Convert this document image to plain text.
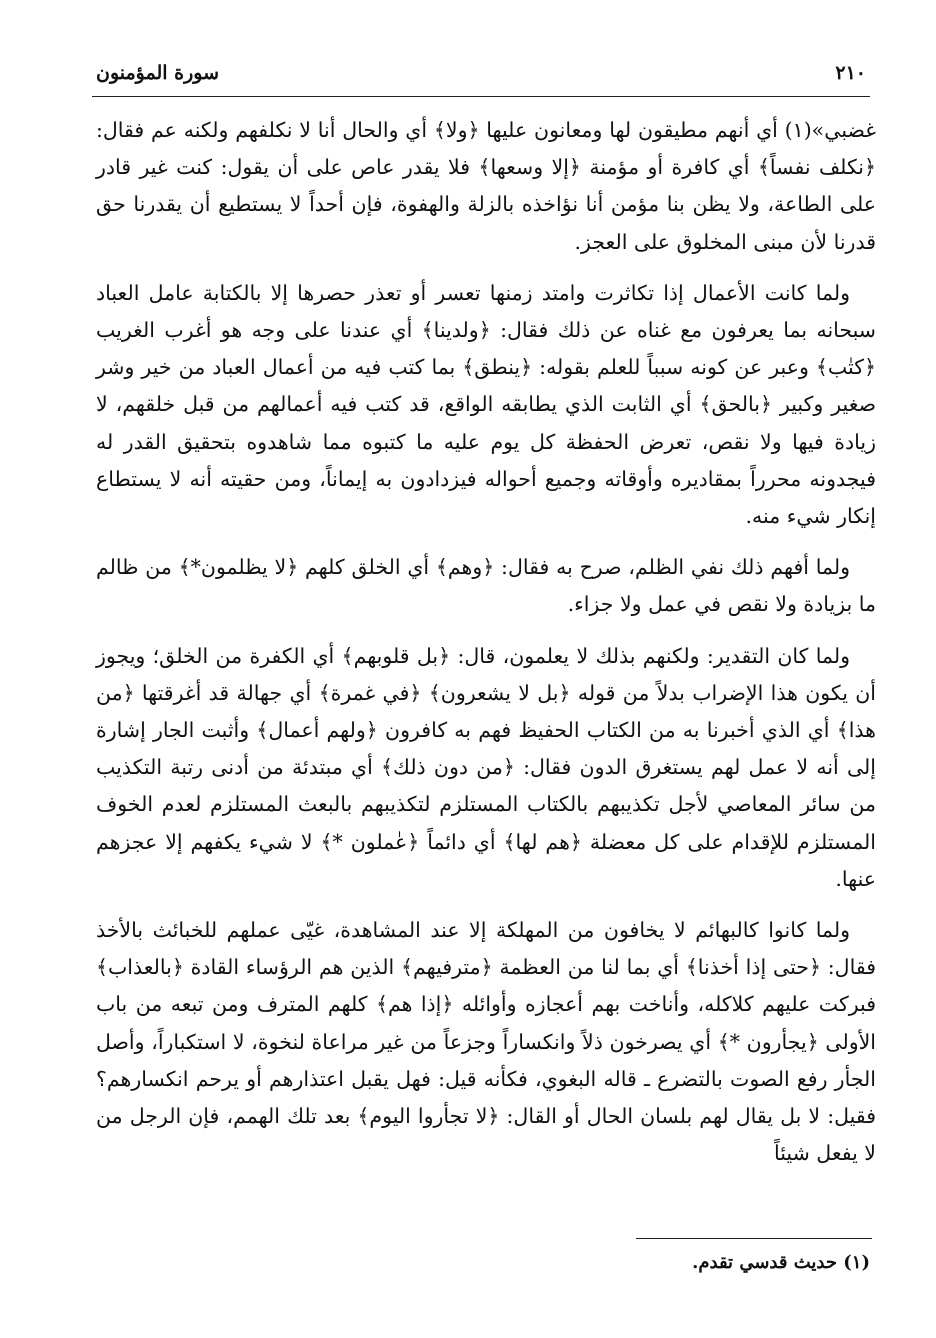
٢١٠
سورة المؤمنون

غضبي»(١) أي أنهم مطيقون لها ومعانون عليها ﴿ولا﴾ أي والحال أنا لا نكلفهم ولكنه عم فقال: ﴿نكلف نفساً﴾ أي كافرة أو مؤمنة ﴿إلا وسعها﴾ فلا يقدر عاص على أن يقول: كنت غير قادر على الطاعة، ولا يظن بنا مؤمن أنا نؤاخذه بالزلة والهفوة، فإن أحداً لا يستطيع أن يقدرنا حق قدرنا لأن مبنى المخلوق على العجز.

ولما كانت الأعمال إذا تكاثرت وامتد زمنها تعسر أو تعذر حصرها إلا بالكتابة عامل العباد سبحانه بما يعرفون مع غناه عن ذلك فقال: ﴿ولدينا﴾ أي عندنا على وجه هو أغرب الغريب ﴿كتٰب﴾ وعبر عن كونه سبباً للعلم بقوله: ﴿ينطق﴾ بما كتب فيه من أعمال العباد من خير وشر صغير وكبير ﴿بالحق﴾ أي الثابت الذي يطابقه الواقع، قد كتب فيه أعمالهم من قبل خلقهم، لا زيادة فيها ولا نقص، تعرض الحفظة كل يوم عليه ما كتبوه مما شاهدوه بتحقيق القدر له فيجدونه محرراً بمقاديره وأوقاته وجميع أحواله فيزدادون به إيماناً، ومن حقيته أنه لا يستطاع إنكار شيء منه.

ولما أفهم ذلك نفي الظلم، صرح به فقال: ﴿وهم﴾ أي الخلق كلهم ﴿لا يظلمون*﴾ من ظالم ما بزيادة ولا نقص في عمل ولا جزاء.

ولما كان التقدير: ولكنهم بذلك لا يعلمون، قال: ﴿بل قلوبهم﴾ أي الكفرة من الخلق؛ ويجوز أن يكون هذا الإضراب بدلاً من قوله ﴿بل لا يشعرون﴾ ﴿في غمرة﴾ أي جهالة قد أغرقتها ﴿من هذا﴾ أي الذي أخبرنا به من الكتاب الحفيظ فهم به كافرون ﴿ولهم أعمال﴾ وأثبت الجار إشارة إلى أنه لا عمل لهم يستغرق الدون فقال: ﴿من دون ذلك﴾ أي مبتدئة من أدنى رتبة التكذيب من سائر المعاصي لأجل تكذيبهم بالكتاب المستلزم لتكذيبهم بالبعث المستلزم لعدم الخوف المستلزم للإقدام على كل معضلة ﴿هم لها﴾ أي دائماً ﴿عٰملون *﴾ لا شيء يكفهم إلا عجزهم عنها.

ولما كانوا كالبهائم لا يخافون من المهلكة إلا عند المشاهدة، غيّى عملهم للخبائث بالأخذ فقال: ﴿حتى إذا أخذنا﴾ أي بما لنا من العظمة ﴿مترفيهم﴾ الذين هم الرؤساء القادة ﴿بالعذاب﴾ فبركت عليهم كلاكله، وأناخت بهم أعجازه وأوائله ﴿إذا هم﴾ كلهم المترف ومن تبعه من باب الأولى ﴿يجأرون *﴾ أي يصرخون ذلاً وانكساراً وجزعاً من غير مراعاة لنخوة، لا استكباراً، وأصل الجأر رفع الصوت بالتضرع ـ قاله البغوي، فكأنه قيل: فهل يقبل اعتذارهم أو يرحم انكسارهم؟ فقيل: لا بل يقال لهم بلسان الحال أو القال: ﴿لا تجأروا اليوم﴾ بعد تلك الهمم، فإن الرجل من لا يفعل شيئاً

(١) حديث قدسي تقدم.
